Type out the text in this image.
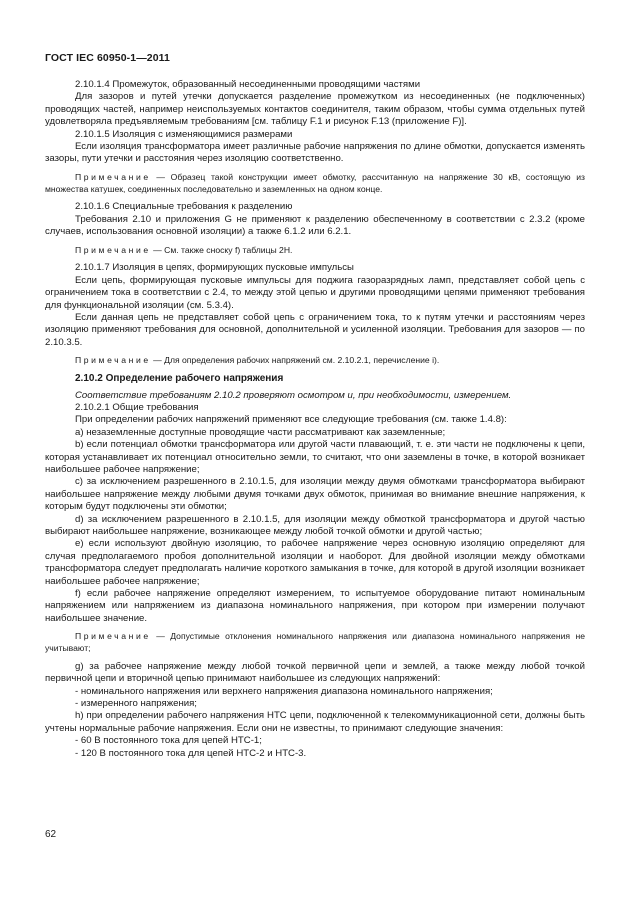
ГОСТ IEC 60950-1—2011

2.10.1.4 Промежуток, образованный несоединенными проводящими частями

Для зазоров и путей утечки допускается разделение промежутком из несоединенных (не подключенных) проводящих частей, например неиспользуемых контактов соединителя, таким образом, чтобы сумма отдельных путей удовлетворяла предъявляемым требованиям [см. таблицу F.1 и рисунок F.13 (приложение F)].

2.10.1.5 Изоляция с изменяющимися размерами

Если изоляция трансформатора имеет различные рабочие напряжения по длине обмотки, допускается изменять зазоры, пути утечки и расстояния через изоляцию соответственно.

Примечание — Образец такой конструкции имеет обмотку, рассчитанную на напряжение 30 кВ, состоящую из множества катушек, соединенных последовательно и заземленных на одном конце.

2.10.1.6 Специальные требования к разделению

Требования 2.10 и приложения G не применяют к разделению обеспеченному в соответствии с 2.3.2 (кроме случаев, использования основной изоляции) а также 6.1.2 или 6.2.1.

Примечание — См. также сноску f) таблицы 2Н.

2.10.1.7 Изоляция в цепях, формирующих пусковые импульсы

Если цепь, формирующая пусковые импульсы для поджига газоразрядных ламп, представляет собой цепь с ограничением тока в соответствии с 2.4, то между этой цепью и другими проводящими цепями применяют требования для функциональной изоляции (см. 5.3.4).

Если данная цепь не представляет собой цепь с ограничением тока, то к путям утечки и расстояниям через изоляцию применяют требования для основной, дополнительной и усиленной изоляции. Требования для зазоров — по 2.10.3.5.

Примечание — Для определения рабочих напряжений см. 2.10.2.1, перечисление i).

2.10.2 Определение рабочего напряжения

Соответствие требованиям 2.10.2 проверяют осмотром и, при необходимости, измерением.

2.10.2.1 Общие требования

При определении рабочих напряжений применяют все следующие требования (см. также 1.4.8):

a) незаземленные доступные проводящие части рассматривают как заземленные;

b) если потенциал обмотки трансформатора или другой части плавающий, т. е. эти части не подключены к цепи, которая устанавливает их потенциал относительно земли, то считают, что они заземлены в точке, в которой возникает наибольшее рабочее напряжение;

c) за исключением разрешенного в 2.10.1.5, для изоляции между двумя обмотками трансформатора выбирают наибольшее напряжение между любыми двумя точками двух обмоток, принимая во внимание внешние напряжения, к которым будут подключены эти обмотки;

d) за исключением разрешенного в 2.10.1.5, для изоляции между обмоткой трансформатора и другой частью выбирают наибольшее напряжение, возникающее между любой точкой обмотки и другой частью;

e) если используют двойную изоляцию, то рабочее напряжение через основную изоляцию определяют для случая предполагаемого пробоя дополнительной изоляции и наоборот. Для двойной изоляции между обмотками трансформатора следует предполагать наличие короткого замыкания в точке, для которой в другой изоляции возникает наибольшее рабочее напряжение;

f) если рабочее напряжение определяют измерением, то испытуемое оборудование питают номинальным напряжением или напряжением из диапазона номинального напряжения, при котором при измерении получают наибольшее значение.

Примечание — Допустимые отклонения номинального напряжения или диапазона номинального напряжения не учитывают;

g) за рабочее напряжение между любой точкой первичной цепи и землей, а также между любой точкой первичной цепи и вторичной цепью принимают наибольшее из следующих напряжений:

- номинального напряжения или верхнего напряжения диапазона номинального напряжения;

- измеренного напряжения;

h) при определении рабочего напряжения НТС цепи, подключенной к телекоммуникационной сети, должны быть учтены нормальные рабочие напряжения. Если они не известны, то принимают следующие значения:

- 60 В постоянного тока для цепей НТС-1;

- 120 В постоянного тока для цепей НТС-2 и НТС-3.

62
